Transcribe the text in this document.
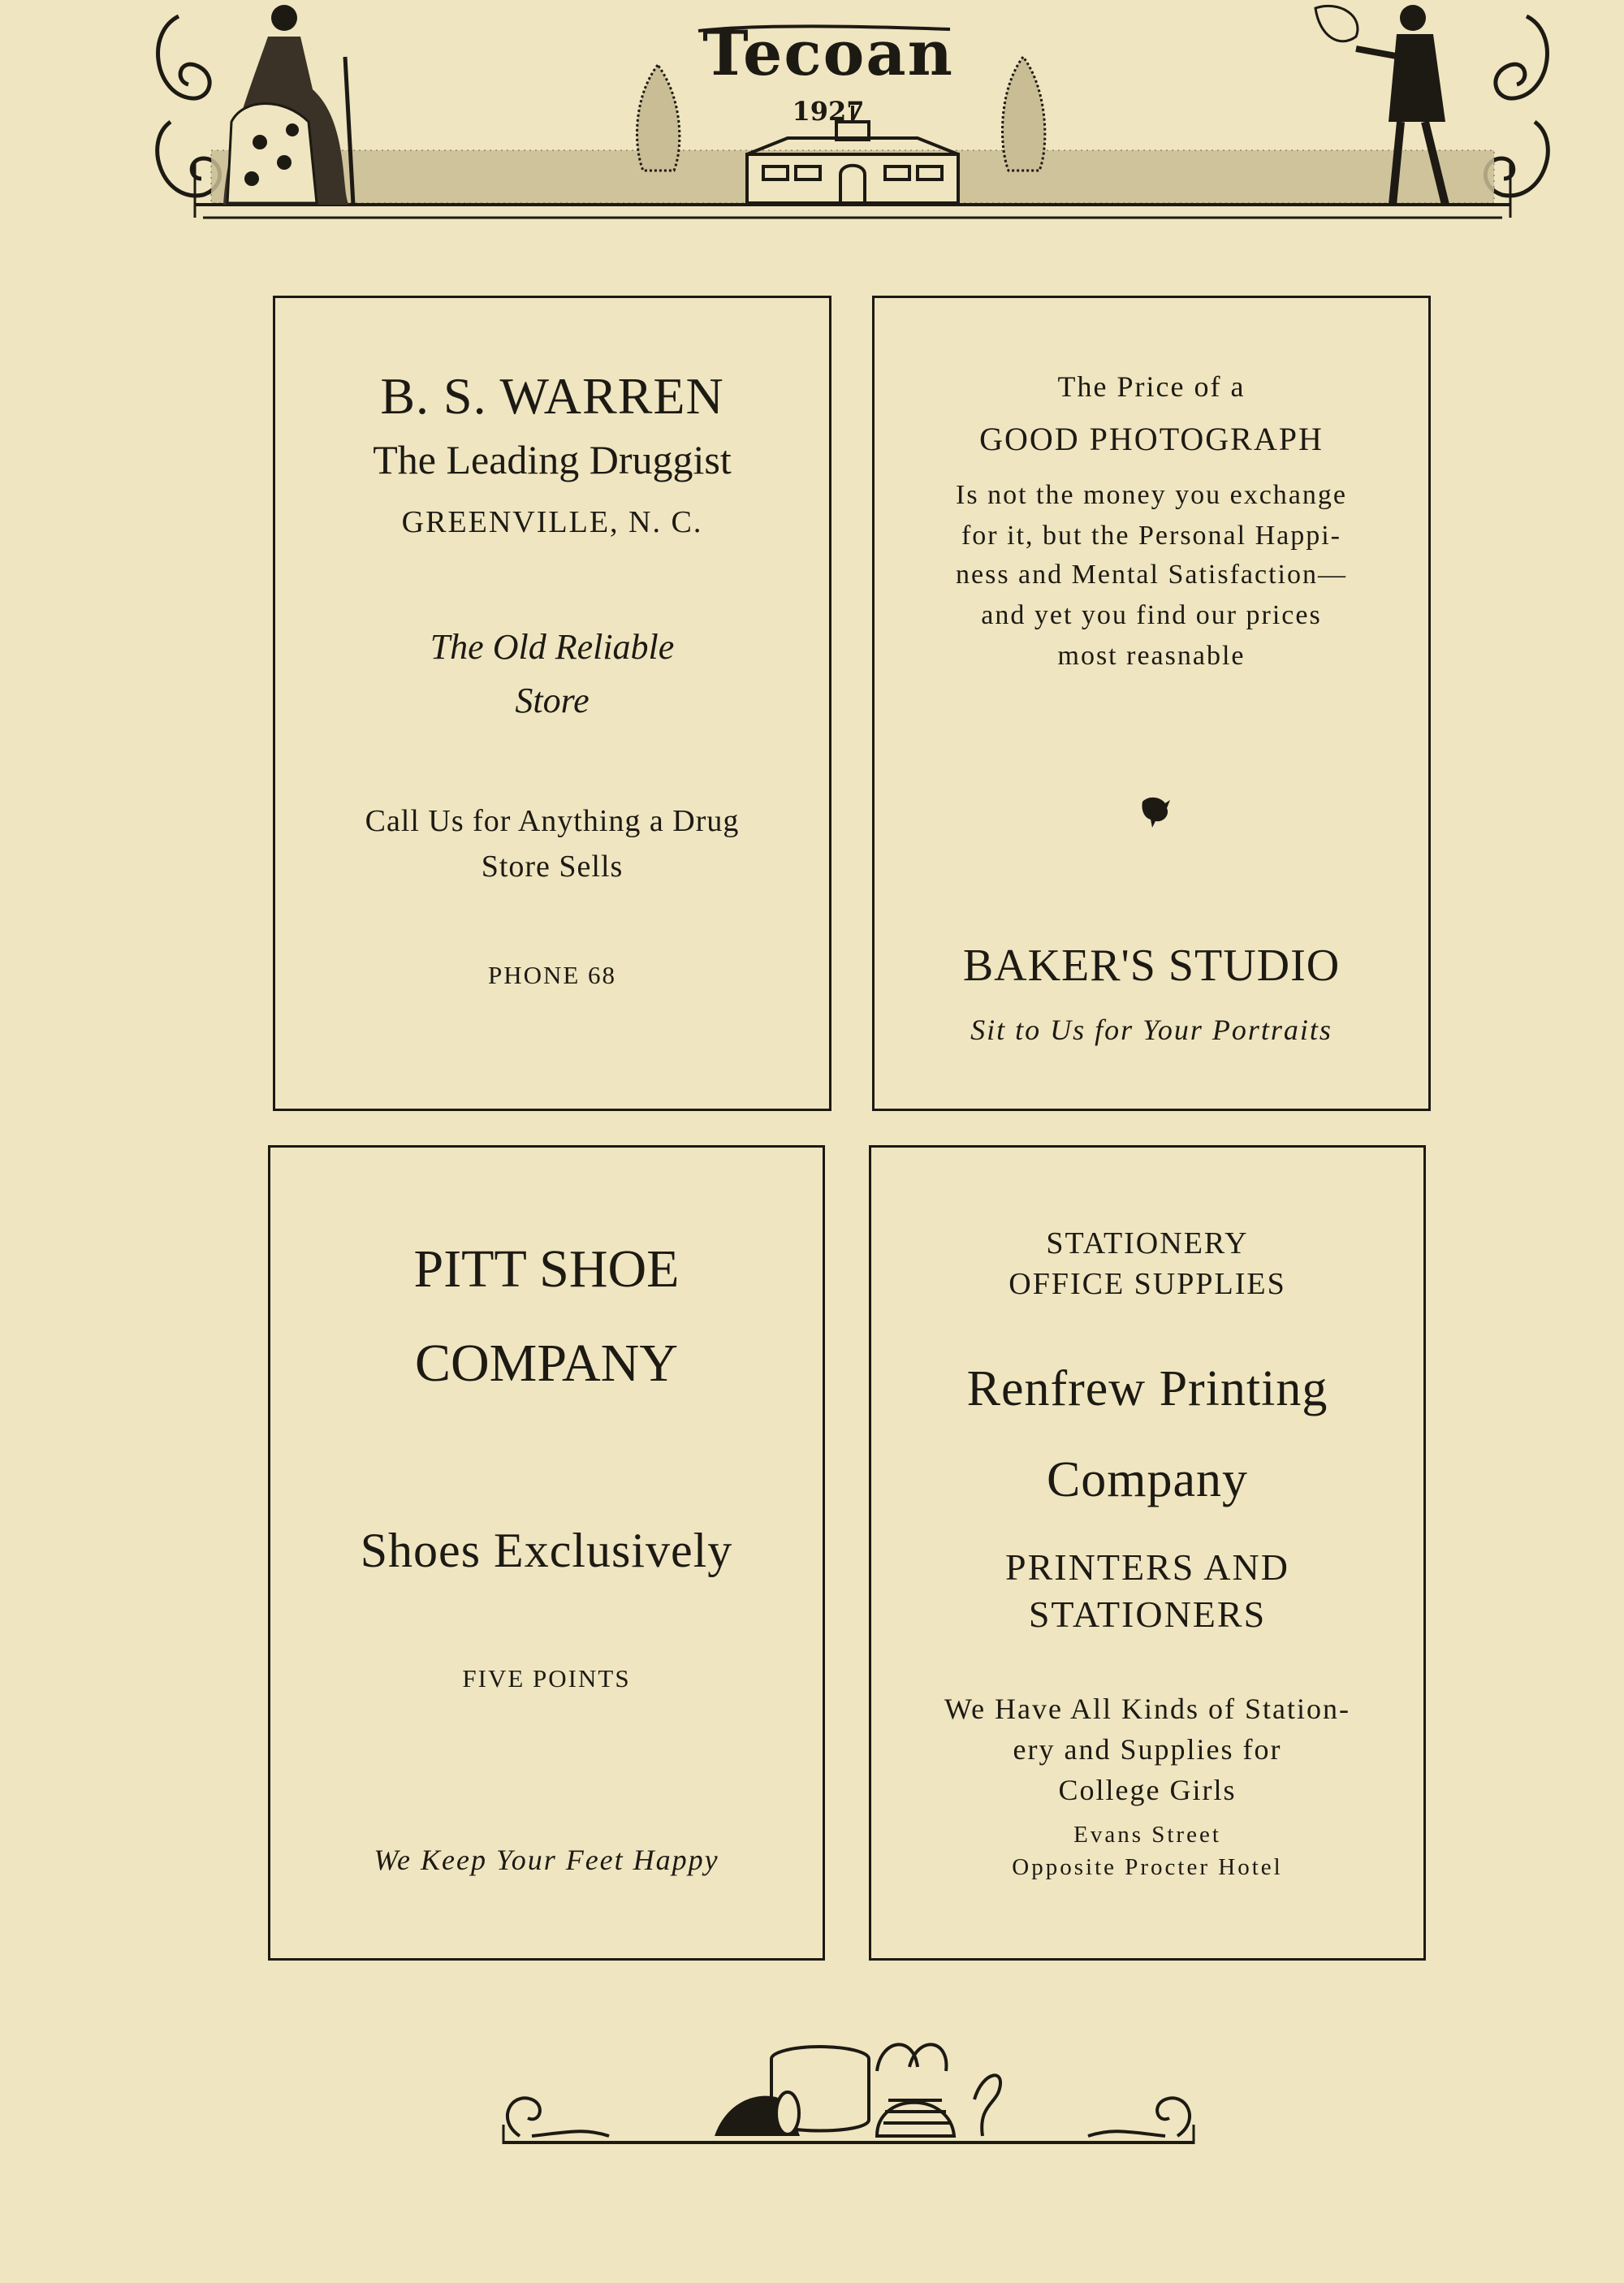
Tecoan
1927

B. S. WARREN

The Leading Druggist

GREENVILLE, N. C.

The Old Reliable

Store

Call Us for Anything a Drug

Store Sells

PHONE 68

The Price of a

GOOD PHOTOGRAPH

Is not the money you exchange

for it, but the Personal Happi-

ness and Mental Satisfaction—

and yet you find our prices

most reasnable

BAKER'S STUDIO

Sit to Us for Your Portraits

PITT SHOE

COMPANY

Shoes Exclusively

FIVE POINTS

We Keep Your Feet Happy

STATIONERY

OFFICE SUPPLIES

Renfrew Printing

Company

PRINTERS AND

STATIONERS

We Have All Kinds of Station-

ery and Supplies for

College Girls

Evans Street

Opposite Procter Hotel
